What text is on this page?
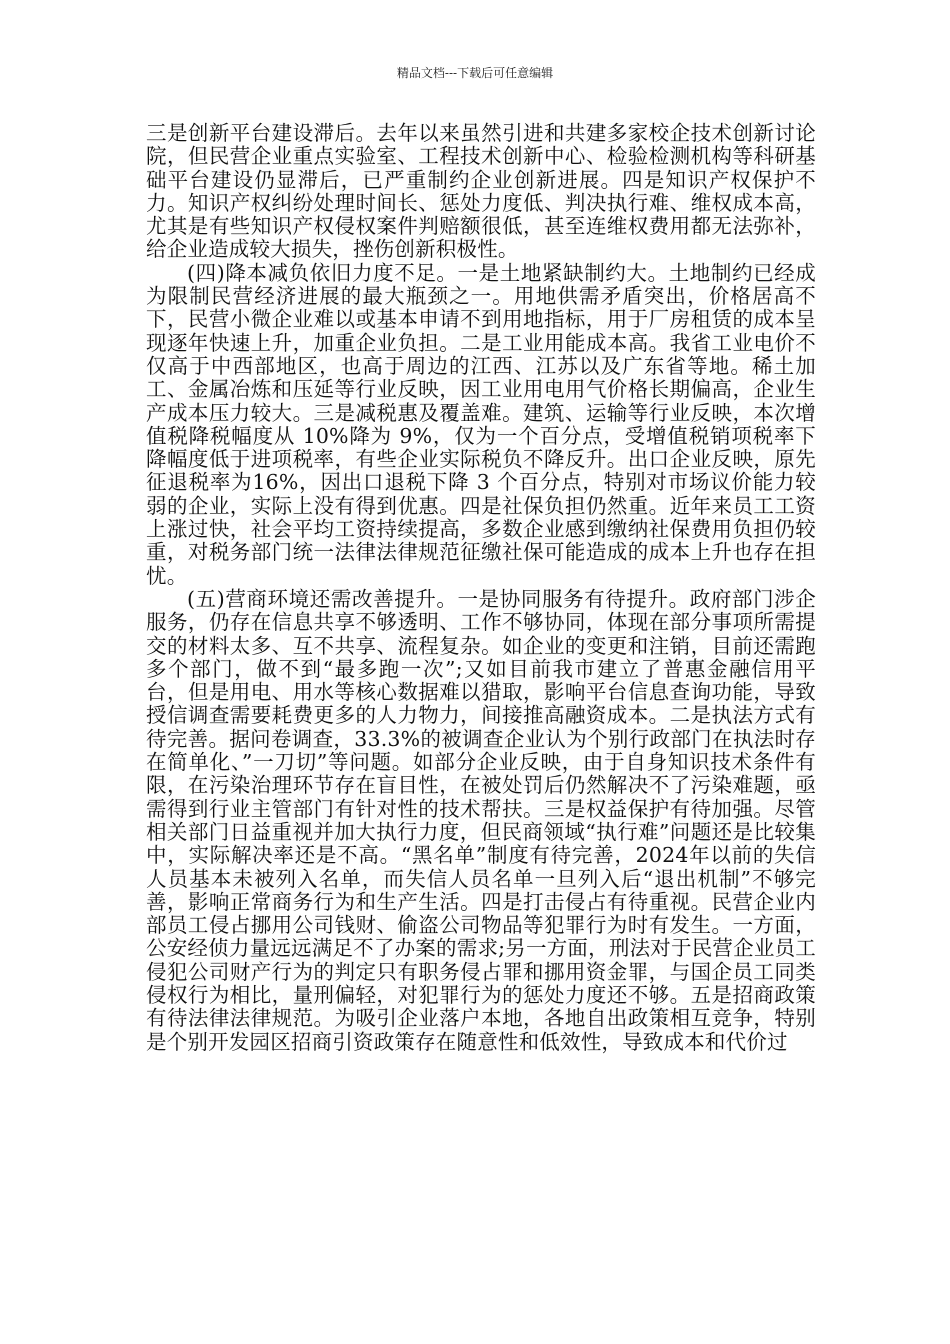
精品文档---下载后可任意编辑

三是创新平台建设滞后。去年以来虽然引进和共建多家校企技术创新讨论院，但民营企业重点实验室、工程技术创新中心、检验检测机构等科研基础平台建设仍显滞后，已严重制约企业创新进展。四是知识产权保护不力。知识产权纠纷处理时间长、惩处力度低、判决执行难、维权成本高，尤其是有些知识产权侵权案件判赔额很低，甚至连维权费用都无法弥补，给企业造成较大损失，挫伤创新积极性。

(四)降本减负依旧力度不足。一是土地紧缺制约大。土地制约已经成为限制民营经济进展的最大瓶颈之一。用地供需矛盾突出，价格居高不下，民营小微企业难以或基本申请不到用地指标，用于厂房租赁的成本呈现逐年快速上升，加重企业负担。二是工业用能成本高。我省工业电价不仅高于中西部地区，也高于周边的江西、江苏以及广东省等地。稀土加工、金属冶炼和压延等行业反映，因工业用电用气价格长期偏高，企业生产成本压力较大。三是减税惠及覆盖难。建筑、运输等行业反映，本次增值税降税幅度从 10%降为 9%，仅为一个百分点，受增值税销项税率下降幅度低于进项税率，有些企业实际税负不降反升。出口企业反映，原先征退税率为16%，因出口退税下降 3 个百分点，特别对市场议价能力较弱的企业，实际上没有得到优惠。四是社保负担仍然重。近年来员工工资上涨过快，社会平均工资持续提高，多数企业感到缴纳社保费用负担仍较重，对税务部门统一法律法律规范征缴社保可能造成的成本上升也存在担忧。

(五)营商环境还需改善提升。一是协同服务有待提升。政府部门涉企服务，仍存在信息共享不够透明、工作不够协同，体现在部分事项所需提交的材料太多、互不共享、流程复杂。如企业的变更和注销，目前还需跑多个部门，做不到“最多跑一次”;又如目前我市建立了普惠金融信用平台，但是用电、用水等核心数据难以猎取，影响平台信息查询功能，导致授信调查需要耗费更多的人力物力，间接推高融资成本。二是执法方式有待完善。据问卷调查，33.3%的被调查企业认为个别行政部门在执法时存在简单化、”一刀切”等问题。如部分企业反映，由于自身知识技术条件有限，在污染治理环节存在盲目性，在被处罚后仍然解决不了污染难题，亟需得到行业主管部门有针对性的技术帮扶。三是权益保护有待加强。尽管相关部门日益重视并加大执行力度，但民商领域“执行难”问题还是比较集中，实际解决率还是不高。“黑名单”制度有待完善，2024年以前的失信人员基本未被列入名单，而失信人员名单一旦列入后“退出机制”不够完善，影响正常商务行为和生产生活。四是打击侵占有待重视。民营企业内部员工侵占挪用公司钱财、偷盗公司物品等犯罪行为时有发生。一方面，公安经侦力量远远满足不了办案的需求;另一方面，刑法对于民营企业员工侵犯公司财产行为的判定只有职务侵占罪和挪用资金罪，与国企员工同类侵权行为相比，量刑偏轻，对犯罪行为的惩处力度还不够。五是招商政策有待法律法律规范。为吸引企业落户本地，各地自出政策相互竞争，特别是个别开发园区招商引资政策存在随意性和低效性，导致成本和代价过
